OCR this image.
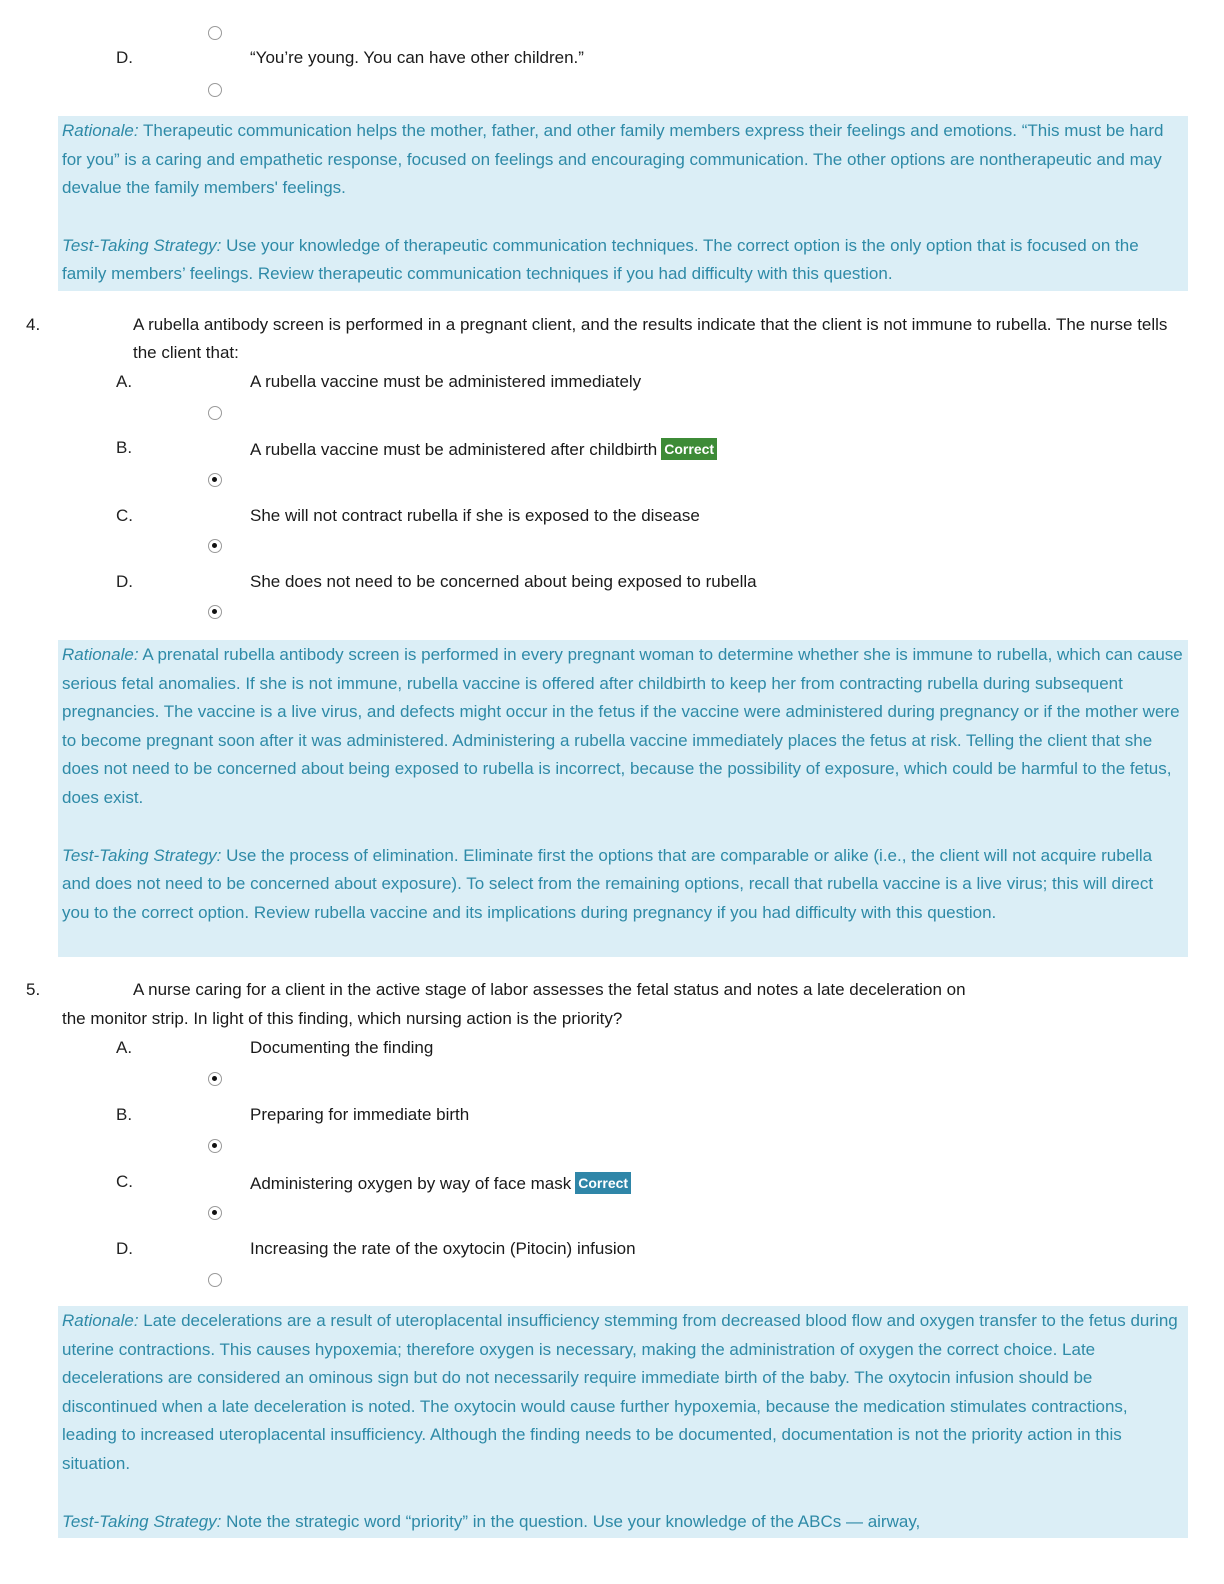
D.	“You’re young. You can have other children.”

Rationale: Therapeutic communication helps the mother, father, and other family members express their feelings and emotions. “This must be hard for you” is a caring and empathetic response, focused on feelings and encouraging communication. The other options are nontherapeutic and may devalue the family members' feelings.

Test-Taking Strategy: Use your knowledge of therapeutic communication techniques. The correct option is the only option that is focused on the family members’ feelings. Review therapeutic communication techniques if you had difficulty with this question.

4.	A rubella antibody screen is performed in a pregnant client, and the results indicate that the client is not immune to rubella. The nurse tells the client that:
A.	A rubella vaccine must be administered immediately
B.	A rubella vaccine must be administered after childbirth Correct
C.	She will not contract rubella if she is exposed to the disease
D.	She does not need to be concerned about being exposed to rubella

Rationale: A prenatal rubella antibody screen is performed in every pregnant woman to determine whether she is immune to rubella, which can cause serious fetal anomalies. If she is not immune, rubella vaccine is offered after childbirth to keep her from contracting rubella during subsequent pregnancies. The vaccine is a live virus, and defects might occur in the fetus if the vaccine were administered during pregnancy or if the mother were to become pregnant soon after it was administered. Administering a rubella vaccine immediately places the fetus at risk. Telling the client that she does not need to be concerned about being exposed to rubella is incorrect, because the possibility of exposure, which could be harmful to the fetus, does exist.

Test-Taking Strategy: Use the process of elimination. Eliminate first the options that are comparable or alike (i.e., the client will not acquire rubella and does not need to be concerned about exposure). To select from the remaining options, recall that rubella vaccine is a live virus; this will direct you to the correct option. Review rubella vaccine and its implications during pregnancy if you had difficulty with this question.

5.	A nurse caring for a client in the active stage of labor assesses the fetal status and notes a late deceleration on
the monitor strip. In light of this finding, which nursing action is the priority?
A.	Documenting the finding
B.	Preparing for immediate birth
C.	Administering oxygen by way of face mask Correct
D.	Increasing the rate of the oxytocin (Pitocin) infusion

Rationale: Late decelerations are a result of uteroplacental insufficiency stemming from decreased blood flow and oxygen transfer to the fetus during uterine contractions. This causes hypoxemia; therefore oxygen is necessary, making the administration of oxygen the correct choice. Late decelerations are considered an ominous sign but do not necessarily require immediate birth of the baby. The oxytocin infusion should be discontinued when a late deceleration is noted. The oxytocin would cause further hypoxemia, because the medication stimulates contractions, leading to increased uteroplacental insufficiency. Although the finding needs to be documented, documentation is not the priority action in this situation.

Test-Taking Strategy: Note the strategic word “priority” in the question. Use your knowledge of the ABCs — airway,
